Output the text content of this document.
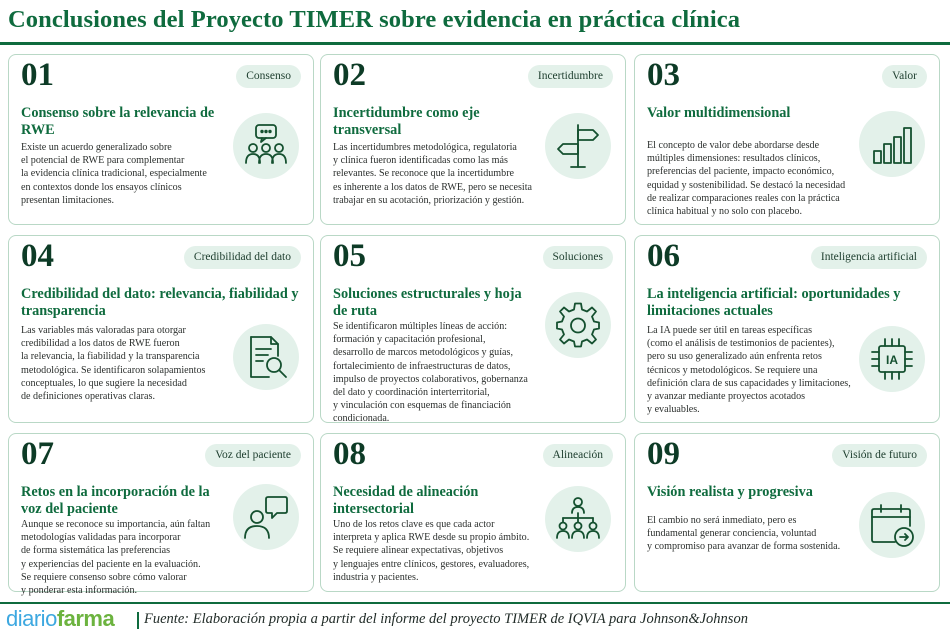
Conclusiones del Proyecto TIMER sobre evidencia en práctica clínica
01	Consenso
Consenso sobre la relevancia de RWE
Existe un acuerdo generalizado sobre
el potencial de RWE para complementar
la evidencia clínica tradicional, especialmente
en contextos donde los ensayos clínicos
presentan limitaciones.
02	Incertidumbre
Incertidumbre como eje transversal
Las incertidumbres metodológica, regulatoria
y clínica fueron identificadas como las más
relevantes. Se reconoce que la incertidumbre
es inherente a los datos de RWE, pero se necesita
trabajar en su acotación, priorización y gestión.
03	Valor
Valor multidimensional
El concepto de valor debe abordarse desde
múltiples dimensiones: resultados clínicos,
preferencias del paciente, impacto económico,
equidad y sostenibilidad. Se destacó la necesidad
de realizar comparaciones reales con la práctica
clínica habitual y no solo con placebo.
04	Credibilidad del dato
Credibilidad del dato: relevancia, fiabilidad y transparencia
Las variables más valoradas para otorgar
credibilidad a los datos de RWE fueron
la relevancia, la fiabilidad y la transparencia
metodológica. Se identificaron solapamientos
conceptuales, lo que sugiere la necesidad
de definiciones operativas claras.
05	Soluciones
Soluciones estructurales y hoja de ruta
Se identificaron múltiples líneas de acción:
formación y capacitación profesional,
desarrollo de marcos metodológicos y guías,
fortalecimiento de infraestructuras de datos,
impulso de proyectos colaborativos, gobernanza
del dato y coordinación interterritorial,
y vinculación con esquemas de financiación
condicionada.
06	Inteligencia artificial
La inteligencia artificial: oportunidades y limitaciones actuales
La IA puede ser útil en tareas específicas
(como el análisis de testimonios de pacientes),
pero su uso generalizado aún enfrenta retos
técnicos y metodológicos. Se requiere una
definición clara de sus capacidades y limitaciones,
y avanzar mediante proyectos acotados
y evaluables.
IA
07	Voz del paciente
Retos en la incorporación de la voz del paciente
Aunque se reconoce su importancia, aún faltan
metodologías validadas para incorporar
de forma sistemática las preferencias
y experiencias del paciente en la evaluación.
Se requiere consenso sobre cómo valorar
y ponderar esta información.
08	Alineación
Necesidad de alineación intersectorial
Uno de los retos clave es que cada actor
interpreta y aplica RWE desde su propio ámbito.
Se requiere alinear expectativas, objetivos
y lenguajes entre clínicos, gestores, evaluadores,
industria y pacientes.
09	Visión de futuro
Visión realista y progresiva
El cambio no será inmediato, pero es
fundamental generar conciencia, voluntad
y compromiso para avanzar de forma sostenida.
diariofarma Fuente: Elaboración propia a partir del informe del proyecto TIMER de IQVIA para Johnson&Johnson
